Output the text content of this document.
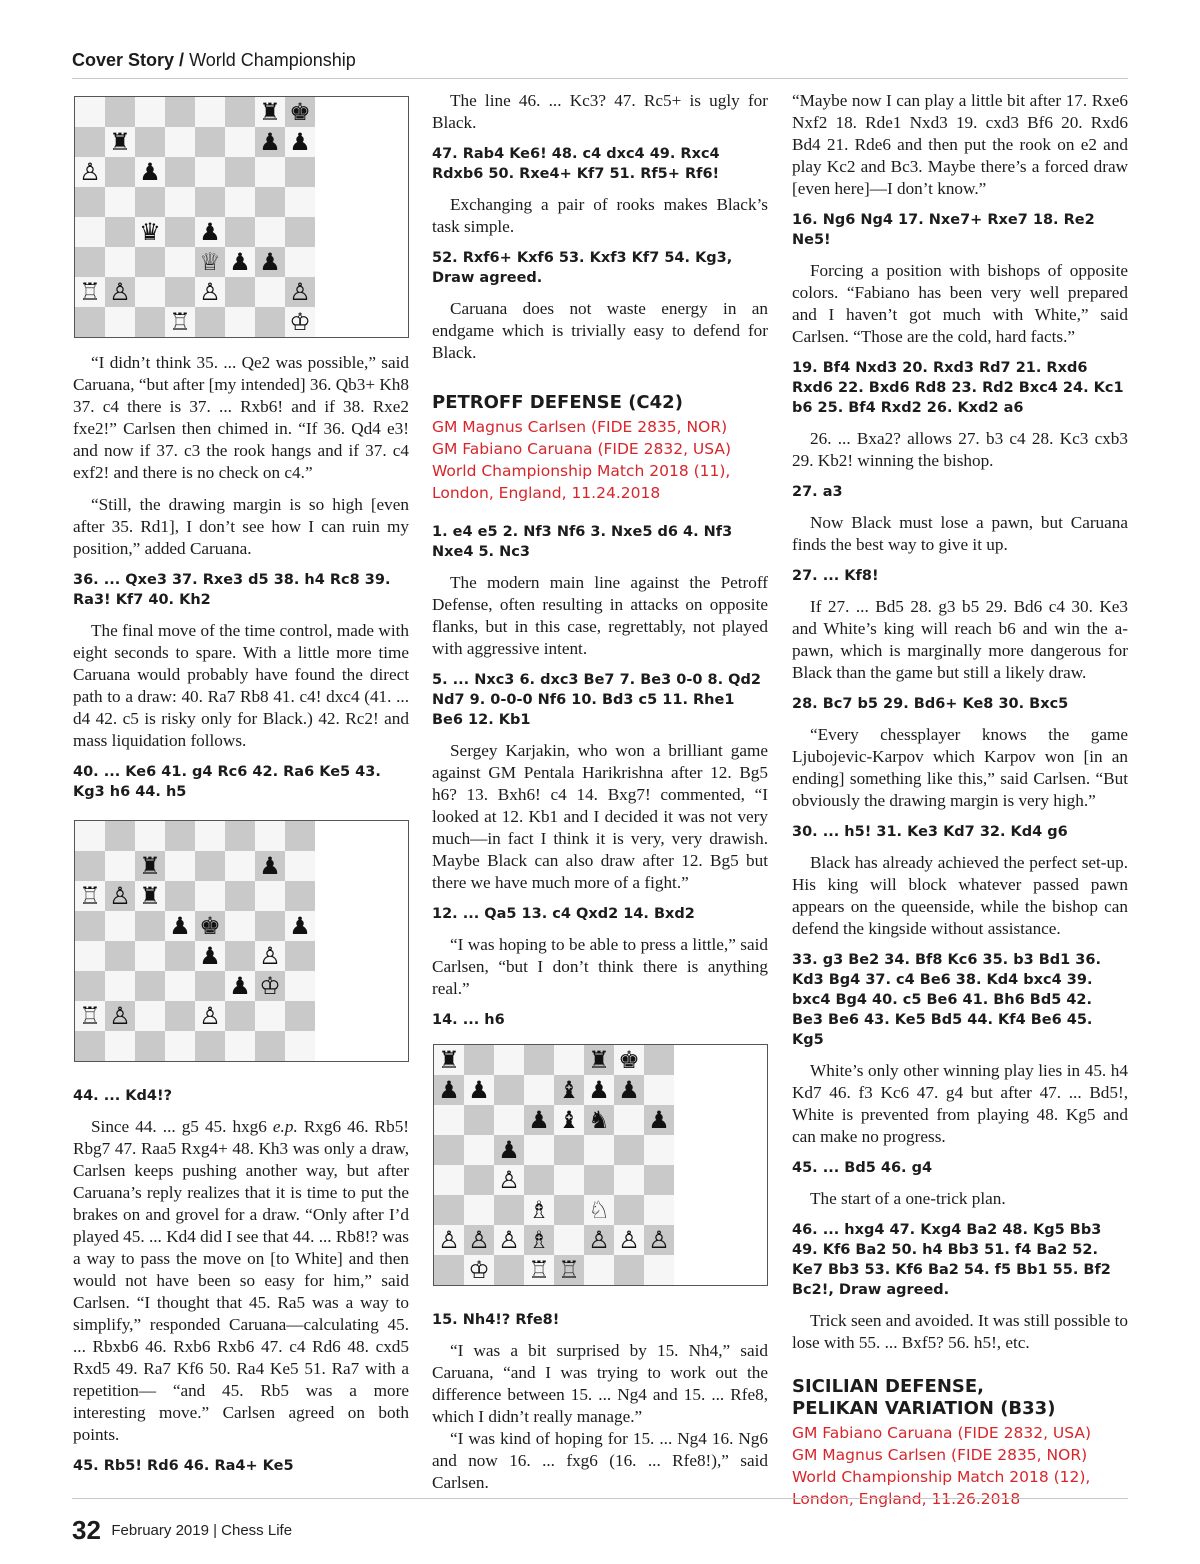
Cover Story / World Championship
♜ ♚
♜	♟ ♟
♙ ♟
♛ ♟
♕ ♟ ♟
♖ ♙	♙	♙
♖	♔

“I didn’t think 35. ... Qe2 was possible,” said Caruana, “but after [my intended] 36. Qb3+ Kh8 37. c4 there is 37. ... Rxb6! and if 38. Rxe2 fxe2!” Carlsen then chimed in. “If 36. Qd4 e3! and now if 37. c3 the rook hangs and if 37. c4 exf2! and there is no check on c4.”

“Still, the drawing margin is so high [even after 35. Rd1], I don’t see how I can ruin my position,” added Caruana.

36. ... Qxe3 37. Rxe3 d5 38. h4 Rc8 39. Ra3! Kf7 40. Kh2

The final move of the time control, made with eight seconds to spare. With a little more time Caruana would probably have found the direct path to a draw: 40. Ra7 Rb8 41. c4! dxc4 (41. ... d4 42. c5 is risky only for Black.) 42. Rc2! and mass liquidation follows.

40. ... Ke6 41. g4 Rc6 42. Ra6 Ke5 43. Kg3 h6 44. h5
♜	♟
♖ ♙ ♜
♟ ♚	♟
♟ ♙
♟ ♔
♖ ♙	♙
44. ... Kd4!?

Since 44. ... g5 45. hxg6 e.p. Rxg6 46. Rb5! Rbg7 47. Raa5 Rxg4+ 48. Kh3 was only a draw, Carlsen keeps pushing another way, but after Caruana’s reply realizes that it is time to put the brakes on and grovel for a draw. “Only after I’d played 45. ... Kd4 did I see that 44. ... Rb8!? was a way to pass the move on [to White] and then would not have been so easy for him,” said Carlsen. “I thought that 45. Ra5 was a way to simplify,” responded Caruana—calculating 45. ... Rbxb6 46. Rxb6 Rxb6 47. c4 Rd6 48. cxd5 Rxd5 49. Ra7 Kf6 50. Ra4 Ke5 51. Ra7 with a repetition— “and 45. Rb5 was a more interesting move.” Carlsen agreed on both points.

45. Rb5! Rd6 46. Ra4+ Ke5

The line 46. ... Kc3? 47. Rc5+ is ugly for Black.

47. Rab4 Ke6! 48. c4 dxc4 49. Rxc4 Rdxb6 50. Rxe4+ Kf7 51. Rf5+ Rf6!

Exchanging a pair of rooks makes Black’s task simple.

52. Rxf6+ Kxf6 53. Kxf3 Kf7 54. Kg3, Draw agreed.

Caruana does not waste energy in an endgame which is trivially easy to defend for Black.

PETROFF DEFENSE (C42)
GM Magnus Carlsen (FIDE 2835, NOR)
GM Fabiano Caruana (FIDE 2832, USA)
World Championship Match 2018 (11),
London, England, 11.24.2018
1. e4 e5 2. Nf3 Nf6 3. Nxe5 d6 4. Nf3 Nxe4 5. Nc3

The modern main line against the Petroff Defense, often resulting in attacks on opposite flanks, but in this case, regrettably, not played with aggressive intent.

5. ... Nxc3 6. dxc3 Be7 7. Be3 0-0 8. Qd2 Nd7 9. 0-0-0 Nf6 10. Bd3 c5 11. Rhe1 Be6 12. Kb1

Sergey Karjakin, who won a brilliant game against GM Pentala Harikrishna after 12. Bg5 h6? 13. Bxh6! c4 14. Bxg7! commented, “I looked at 12. Kb1 and I decided it was not very much—in fact I think it is very, very drawish. Maybe Black can also draw after 12. Bg5 but there we have much more of a fight.”

12. ... Qa5 13. c4 Qxd2 14. Bxd2

“I was hoping to be able to press a little,” said Carlsen, “but I don’t think there is anything real.”

14. ... h6
♜	♜ ♚
♟ ♟	♝ ♟ ♟
♟ ♝ ♞ ♟
♟
♙
♗ ♘
♙ ♙ ♙ ♗ ♙ ♙ ♙
♔ ♖ ♖
15. Nh4!? Rfe8!

“I was a bit surprised by 15. Nh4,” said Caruana, “and I was trying to work out the difference between 15. ... Ng4 and 15. ... Rfe8, which I didn’t really manage.”

“I was kind of hoping for 15. ... Ng4 16. Ng6 and now 16. ... fxg6 (16. ... Rfe8!),” said Carlsen.

“Maybe now I can play a little bit after 17. Rxe6 Nxf2 18. Rde1 Nxd3 19. cxd3 Bf6 20. Rxd6 Bd4 21. Rde6 and then put the rook on e2 and play Kc2 and Bc3. Maybe there’s a forced draw [even here]—I don’t know.”

16. Ng6 Ng4 17. Nxe7+ Rxe7 18. Re2 Ne5!

Forcing a position with bishops of opposite colors. “Fabiano has been very well prepared and I haven’t got much with White,” said Carlsen. “Those are the cold, hard facts.”

19. Bf4 Nxd3 20. Rxd3 Rd7 21. Rxd6 Rxd6 22. Bxd6 Rd8 23. Rd2 Bxc4 24. Kc1 b6 25. Bf4 Rxd2 26. Kxd2 a6

26. ... Bxa2? allows 27. b3 c4 28. Kc3 cxb3 29. Kb2! winning the bishop.

27. a3

Now Black must lose a pawn, but Caruana finds the best way to give it up.

27. ... Kf8!

If 27. ... Bd5 28. g3 b5 29. Bd6 c4 30. Ke3 and White’s king will reach b6 and win the a-pawn, which is marginally more dangerous for Black than the game but still a likely draw.

28. Bc7 b5 29. Bd6+ Ke8 30. Bxc5

“Every chessplayer knows the game Ljubojevic-Karpov which Karpov won [in an ending] something like this,” said Carlsen. “But obviously the drawing margin is very high.”

30. ... h5! 31. Ke3 Kd7 32. Kd4 g6

Black has already achieved the perfect set-up. His king will block whatever passed pawn appears on the queenside, while the bishop can defend the kingside without assistance.

33. g3 Be2 34. Bf8 Kc6 35. b3 Bd1 36. Kd3 Bg4 37. c4 Be6 38. Kd4 bxc4 39. bxc4 Bg4 40. c5 Be6 41. Bh6 Bd5 42. Be3 Be6 43. Ke5 Bd5 44. Kf4 Be6 45. Kg5

White’s only other winning play lies in 45. h4 Kd7 46. f3 Kc6 47. g4 but after 47. ... Bd5!, White is prevented from playing 48. Kg5 and can make no progress.

45. ... Bd5 46. g4

The start of a one-trick plan.

46. ... hxg4 47. Kxg4 Ba2 48. Kg5 Bb3 49. Kf6 Ba2 50. h4 Bb3 51. f4 Ba2 52. Ke7 Bb3 53. Kf6 Ba2 54. f5 Bb1 55. Bf2 Bc2!, Draw agreed.

Trick seen and avoided. It was still possible to lose with 55. ... Bxf5? 56. h5!, etc.

SICILIAN DEFENSE,
PELIKAN VARIATION (B33)
GM Fabiano Caruana (FIDE 2832, USA)
GM Magnus Carlsen (FIDE 2835, NOR)
World Championship Match 2018 (12),
London, England, 11.26.2018
32 February 2019 | Chess Life
